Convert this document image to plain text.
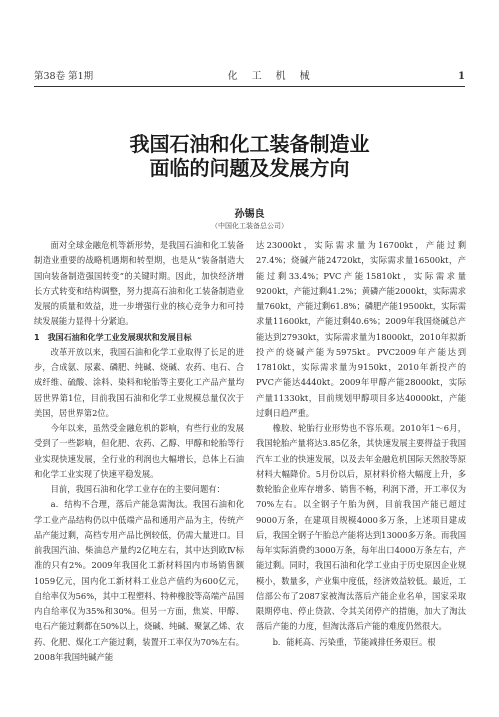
第38卷 第1期	化工机械	1
我国石油和化工装备制造业
面临的问题及发展方向
孙锡良
（中国化工装备总公司）

面对全球金融危机等新形势，是我国石油和化工装备制造业重要的战略机遇期和转型期，也是从“装备制造大国向装备制造强国转变”的关键时期。因此，加快经济增长方式转变和结构调整，努力提高石油和化工装备制造业发展的质量和效益，进一步增强行业的核心竞争力和可持续发展能力显得十分紧迫。

1　我国石油和化学工业发展现状和发展目标

改革开放以来，我国石油和化学工业取得了长足的进步，合成氨、尿素、磷肥、纯碱、烧碱、农药、电石、合成纤维、硫酸、涂料、染料和轮胎等主要化工产品产量均居世界第1位，目前我国石油和化学工业规模总量仅次于美国，居世界第2位。

今年以来，虽然受金融危机的影响，有些行业的发展受到了一些影响，但化肥、农药、乙醇、甲醇和轮胎等行业实现快速发展，全行业的利润也大幅增长，总体上石油和化学工业实现了快速平稳发展。

目前，我国石油和化学工业存在的主要问题有：

a．结构不合理，落后产能急需淘汰。我国石油和化学工业产品结构仍以中低端产品和通用产品为主，传统产品产能过剩，高档专用产品比例较低，仍需大量进口。目前我国汽油、柴油总产量约2亿吨左右，其中达到欧Ⅳ标准的只有2%。2009年我国化工新材料国内市场销售额1059亿元，国内化工新材料工业总产值约为600亿元，自给率仅为56%，其中工程塑料、特种橡胶等高端产品国内自给率仅为35%和30%。但另一方面，焦炭、甲醇、电石产能过剩都在50%以上，烧碱、纯碱、聚氯乙烯、农药、化肥、煤化工产能过剩，装置开工率仅为70%左右。2008年我国纯碱产能

达23000kt，实际需求量为16700kt，产能过剩27.4%；烧碱产能24720kt，实际需求量16500kt，产能过剩33.4%；PVC产能15810kt，实际需求量9200kt，产能过剩41.2%；黄磷产能2000kt，实际需求量760kt，产能过剩61.8%；磷肥产能19500kt，实际需求量11600kt，产能过剩40.6%；2009年我国烧碱总产能达到27930kt，实际需求量为18000kt，2010年拟新投产的烧碱产能为5975kt。PVC2009年产能达到17810kt，实际需求量为9150kt，2010年新投产的PVC产能达4440kt。2009年甲醇产能28000kt，实际产量11330kt，目前规划甲醇项目多达40000kt，产能过剩日趋严重。

橡胶、轮胎行业形势也不容乐观。2010年1～6月，我国轮胎产量将达3.85亿条，其快速发展主要得益于我国汽车工业的快速发展，以及去年金融危机国际天然胶等原材料大幅降价。5月份以后，原材料价格大幅度上升，多数轮胎企业库存增多、销售不畅，利润下滑，开工率仅为70%左右。以全钢子午胎为例，目前我国产能已超过9000万条，在建项目规模4000多万条，上述项目建成后，我国全钢子午胎总产能将达到13000多万条。而我国每年实际消费约3000万条，每年出口4000万条左右，产能过剩。同时，我国石油和化学工业由于历史原因企业规模小，数量多，产业集中度低，经济效益较低。最近，工信部公布了2087家被淘汰落后产能企业名单，国家采取限期停电、停止贷款、令其关闭停产的措施，加大了淘汰落后产能的力度，但淘汰落后产能的难度仍然很大。

b．能耗高、污染重，节能减排任务艰巨。根
